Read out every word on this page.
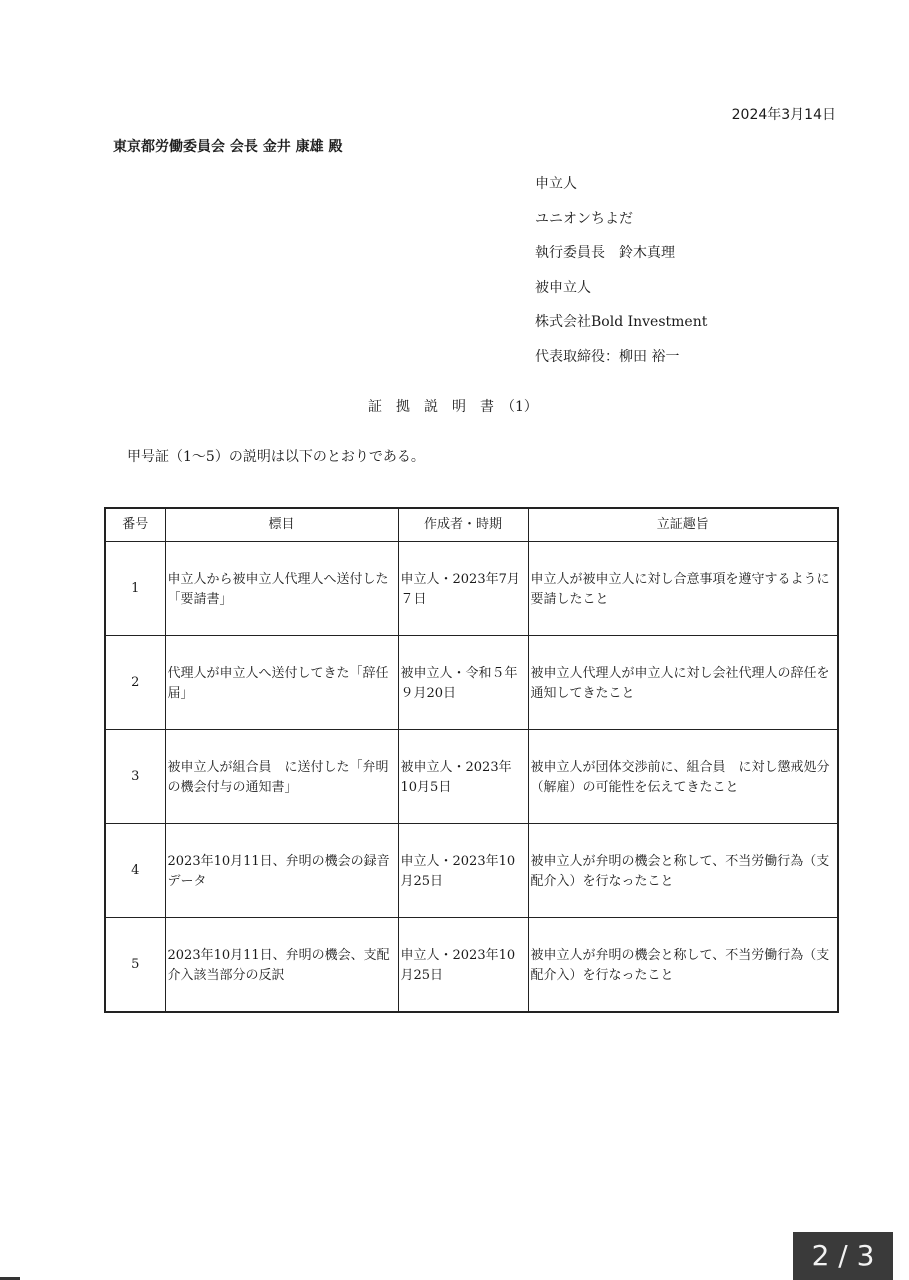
2024年3月14日
東京都労働委員会 会長 金井 康雄 殿
申立人
ユニオンちよだ
執行委員長　鈴木真理
被申立人
株式会社Bold Investment
代表取締役：柳田 裕一
証　拠　説　明　書　（1）
甲号証（1～5）の説明は以下のとおりである。
番号	標目	作成者・時期	立証趣旨
1	申立人から被申立人代理人へ送付した「要請書」	申立人・2023年7月７日	申立人が被申立人に対し合意事項を遵守するように要請したこと

2	代理人が申立人へ送付してきた「辞任届」	被申立人・令和５年９月20日	被申立人代理人が申立人に対し会社代理人の辞任を通知してきたこと

3	被申立人が組合員　に送付した「弁明の機会付与の通知書」	被申立人・2023年10月5日	被申立人が団体交渉前に、組合員　に対し懲戒処分（解雇）の可能性を伝えてきたこと

4	2023年10月11日、弁明の機会の録音データ	申立人・2023年10月25日	被申立人が弁明の機会と称して、不当労働行為（支配介入）を行なったこと

5	2023年10月11日、弁明の機会、支配介入該当部分の反訳	申立人・2023年10月25日	被申立人が弁明の機会と称して、不当労働行為（支配介入）を行なったこと
2 / 3
